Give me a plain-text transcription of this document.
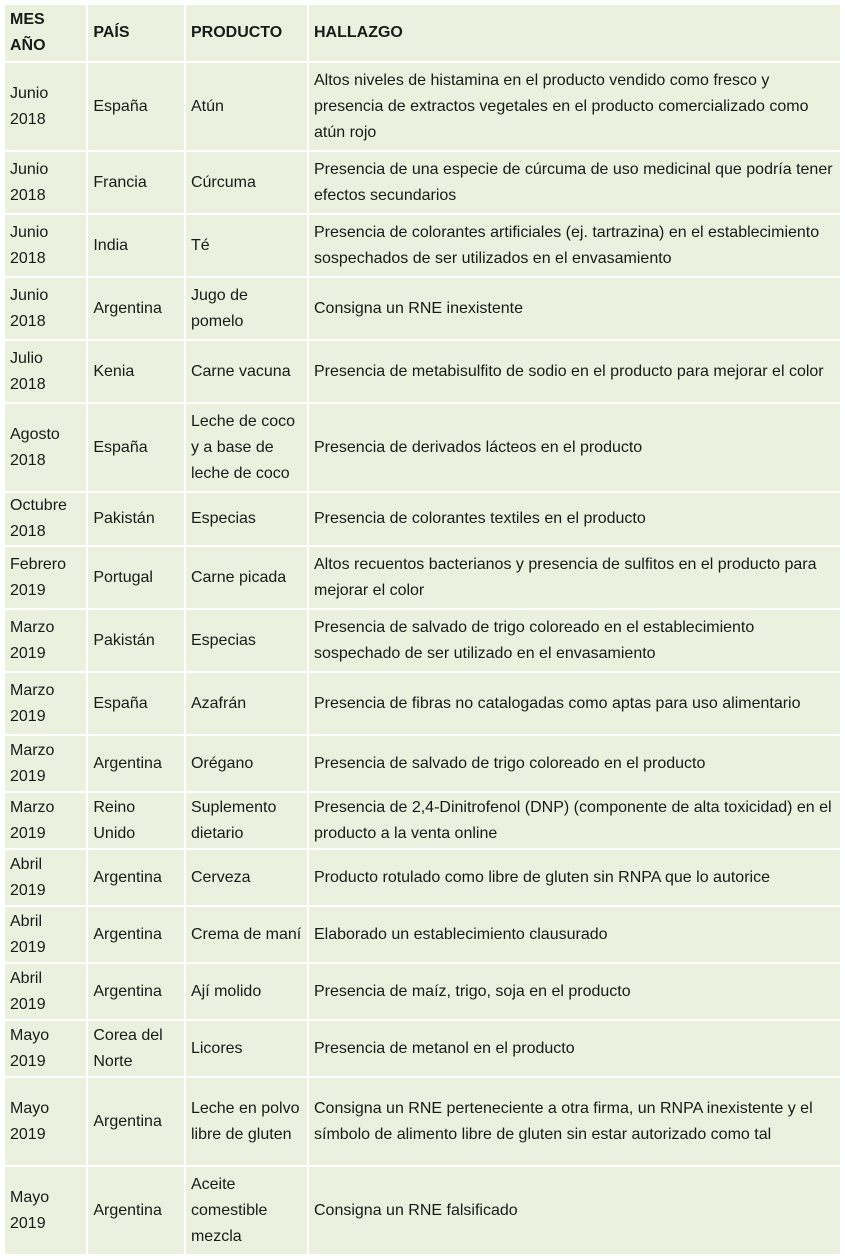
MES AÑO	PAÍS	PRODUCTO	HALLAZGO
Junio 2018	España	Atún	Altos niveles de histamina en el producto vendido como fresco y presencia de extractos vegetales en el producto comercializado como atún rojo
Junio 2018	Francia	Cúrcuma	Presencia de una especie de cúrcuma de uso medicinal que podría tener efectos secundarios
Junio 2018	India	Té	Presencia de colorantes artificiales (ej. tartrazina) en el establecimiento sospechados de ser utilizados en el envasamiento
Junio 2018	Argentina	Jugo de pomelo	Consigna un RNE inexistente
Julio 2018	Kenia	Carne vacuna	Presencia de metabisulfito de sodio en el producto para mejorar el color
Agosto 2018	España	Leche de coco y a base de leche de coco	Presencia de derivados lácteos en el producto
Octubre 2018	Pakistán	Especias	Presencia de colorantes textiles en el producto
Febrero 2019	Portugal	Carne picada	Altos recuentos bacterianos y presencia de sulfitos en el producto para mejorar el color
Marzo 2019	Pakistán	Especias	Presencia de salvado de trigo coloreado en el establecimiento sospechado de ser utilizado en el envasamiento
Marzo 2019	España	Azafrán	Presencia de fibras no catalogadas como aptas para uso alimentario
Marzo 2019	Argentina	Orégano	Presencia de salvado de trigo coloreado en el producto
Marzo 2019	Reino Unido	Suplemento dietario	Presencia de 2,4-Dinitrofenol (DNP) (componente de alta toxicidad) en el producto a la venta online
Abril 2019	Argentina	Cerveza	Producto rotulado como libre de gluten sin RNPA que lo autorice
Abril 2019	Argentina	Crema de maní	Elaborado un establecimiento clausurado
Abril 2019	Argentina	Ají molido	Presencia de maíz, trigo, soja en el producto
Mayo 2019	Corea del Norte	Licores	Presencia de metanol en el producto
Mayo 2019	Argentina	Leche en polvo libre de gluten	Consigna un RNE perteneciente a otra firma, un RNPA inexistente y el símbolo de alimento libre de gluten sin estar autorizado como tal
Mayo 2019	Argentina	Aceite comestible mezcla	Consigna un RNE falsificado
